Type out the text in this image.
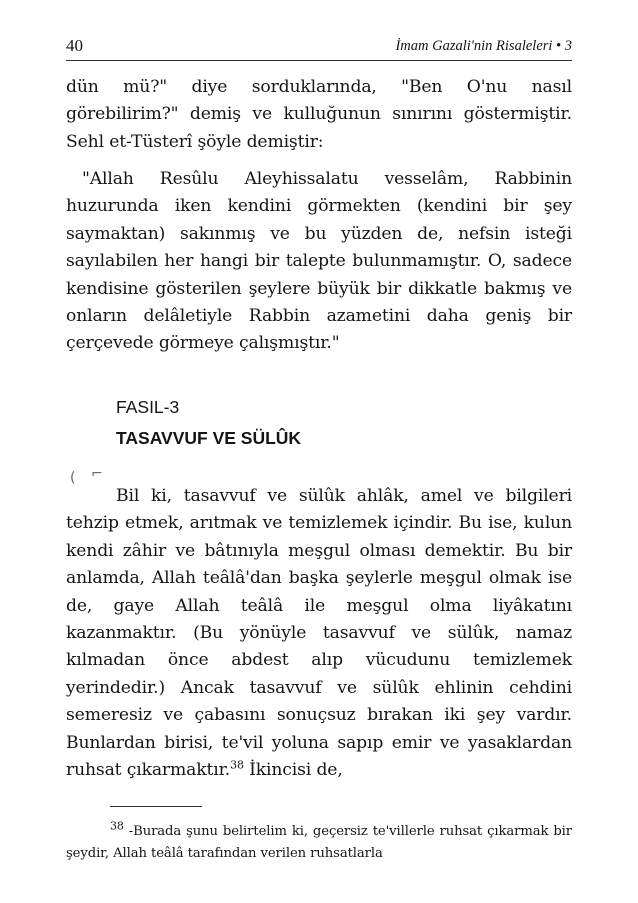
40	İmam Gazali'nin Risaleleri • 3

dün mü?" diye sorduklarında, "Ben O'nu nasıl görebilirim?" demiş ve kulluğunun sınırını göstermiştir. Sehl et-Tüsterî şöyle demiştir:

"Allah Resûlu Aleyhissalatu vesselâm, Rabbinin huzurunda iken kendini görmekten (kendini bir şey saymaktan) sakınmış ve bu yüzden de, nefsin isteği sayılabilen her hangi bir talepte bulunmamıştır. O, sadece kendisine gösterilen şeylere büyük bir dikkatle bakmış ve onların delâletiyle Rabbin azametini daha geniş bir çerçevede görmeye çalışmıştır."

FASIL-3
TASAVVUF VE SÜLÛK
( ⌐

Bil ki, tasavvuf ve sülûk ahlâk, amel ve bilgileri tehzip etmek, arıtmak ve temizlemek içindir. Bu ise, kulun kendi zâhir ve bâtınıyla meşgul olması demektir. Bu bir anlamda, Allah teâlâ'dan başka şeylerle meşgul olmak ise de, gaye Allah teâlâ ile meşgul olma liyâkatını kazanmaktır. (Bu yönüyle tasavvuf ve sülûk, namaz kılmadan önce abdest alıp vücudunu temizlemek yerindedir.) Ancak tasavvuf ve sülûk ehlinin cehdini semeresiz ve çabasını sonuçsuz bırakan iki şey vardır. Bunlardan birisi, te'vil yoluna sapıp emir ve yasaklardan ruhsat çıkarmaktır.$^{38}$ İkincisi de,

$^{38}$ -Burada şunu belirtelim ki, geçersiz te'villerle ruhsat çıkarmak bir şeydir, Allah teâlâ tarafından verilen ruhsatlarla
